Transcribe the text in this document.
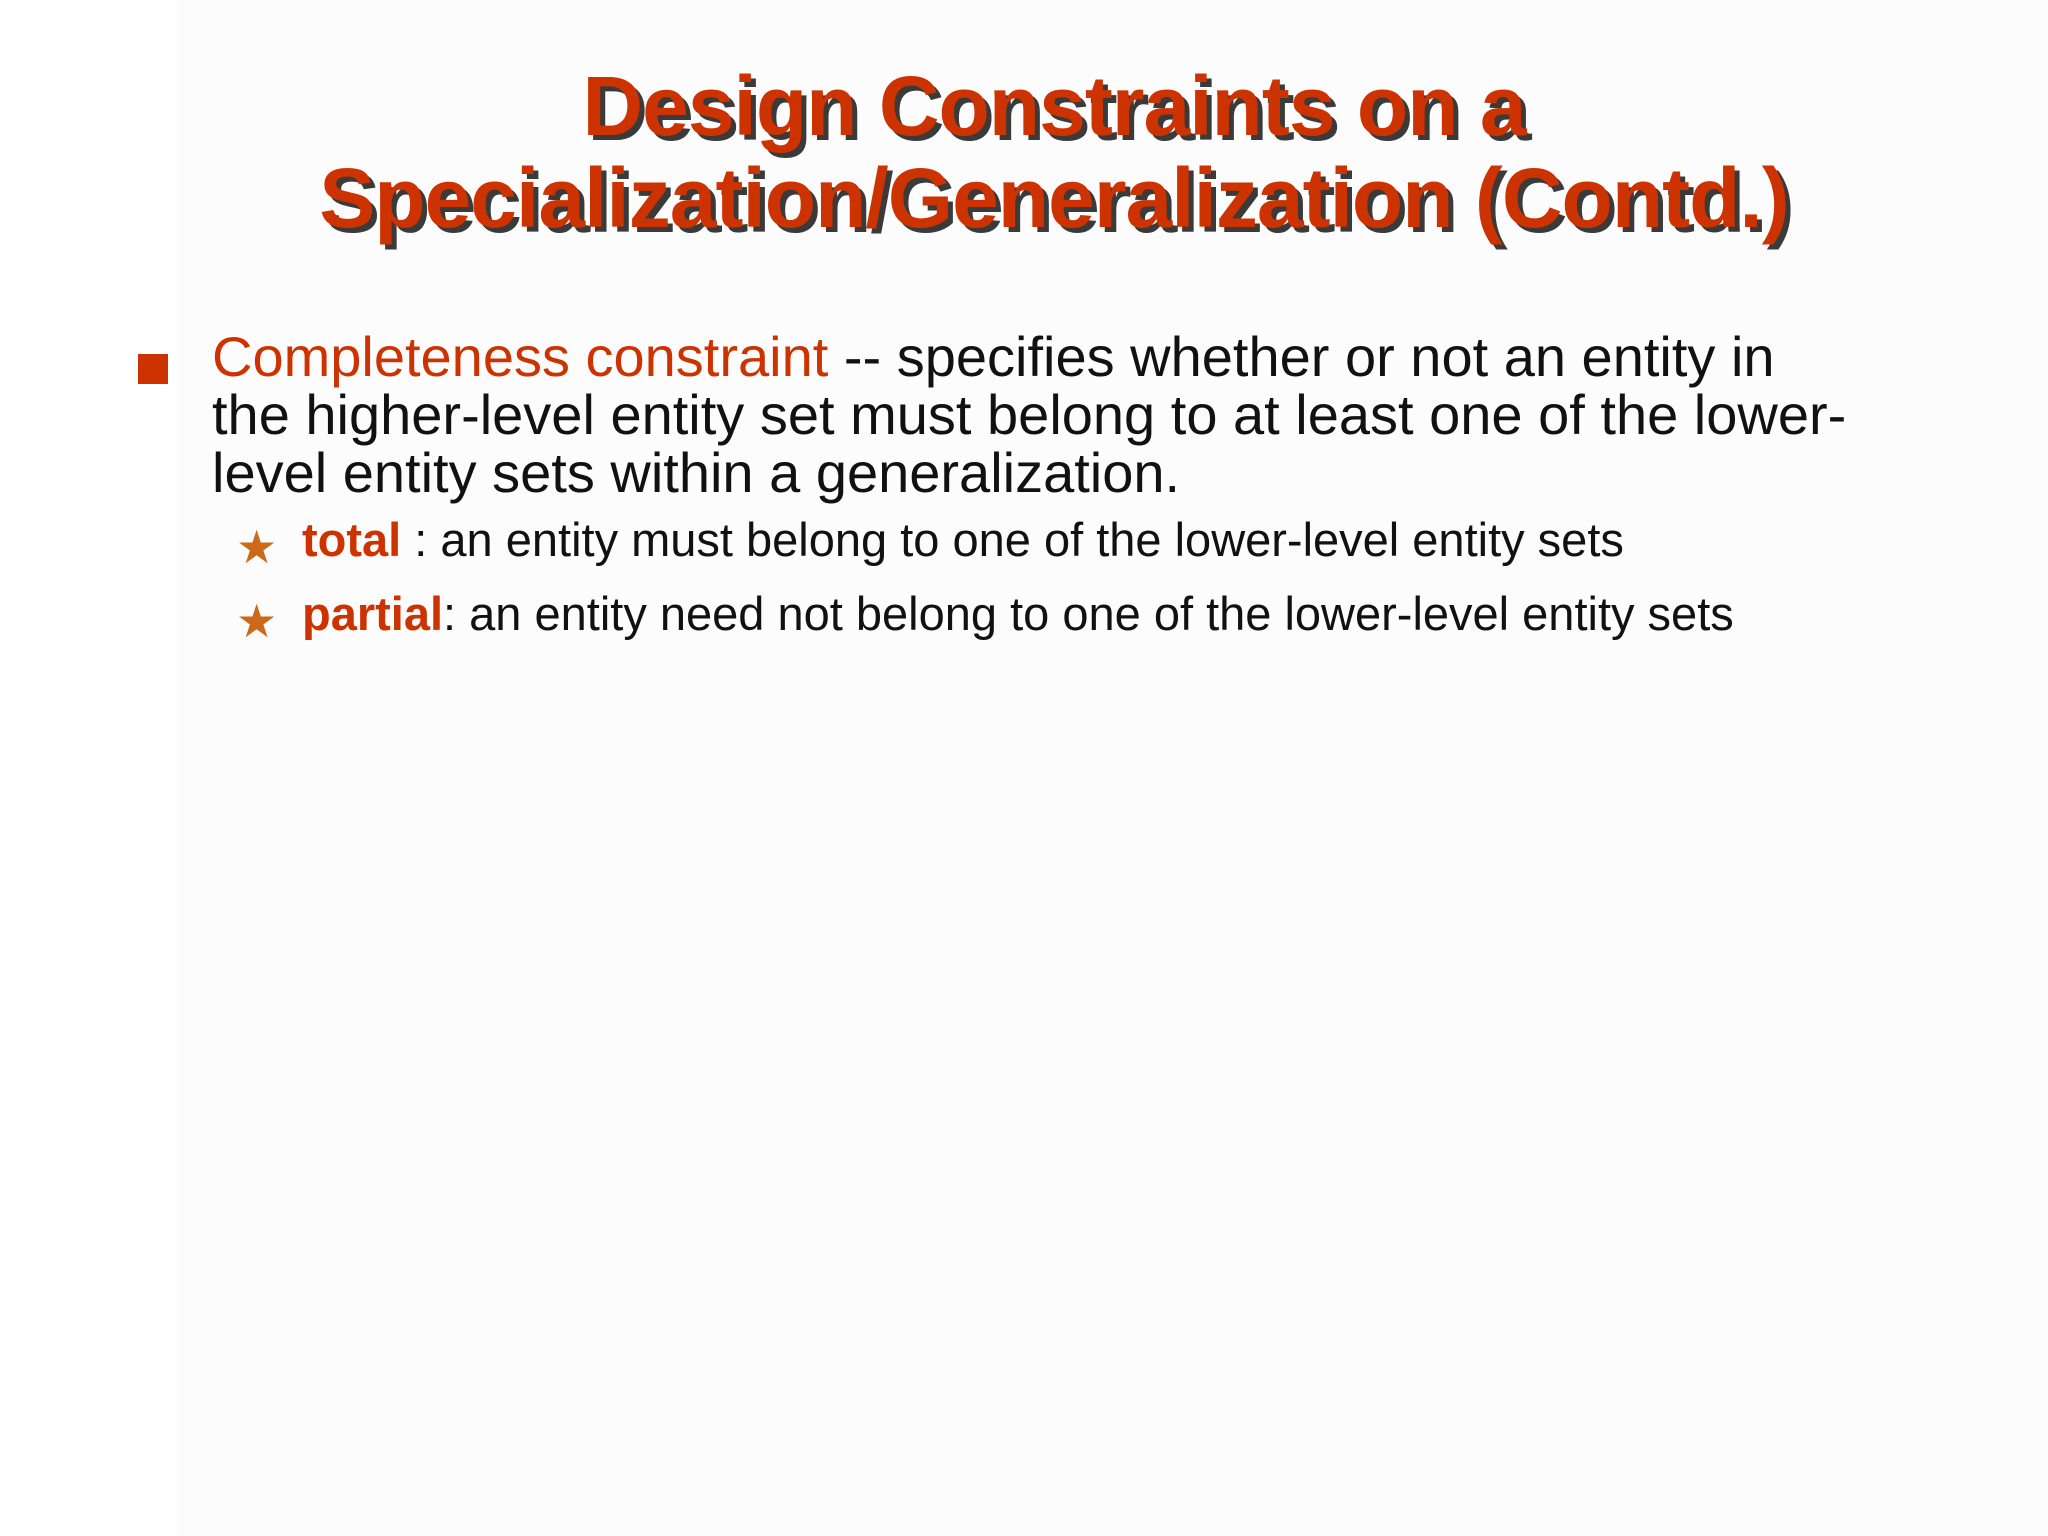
Design Constraints on a
Specialization/Generalization (Contd.)
Completeness constraint -- specifies whether or not an entity in the higher-level entity set must belong to at least one of the lower-level entity sets within a generalization.
★ total : an entity must belong to one of the lower-level entity sets
★ partial: an entity need not belong to one of the lower-level entity sets
